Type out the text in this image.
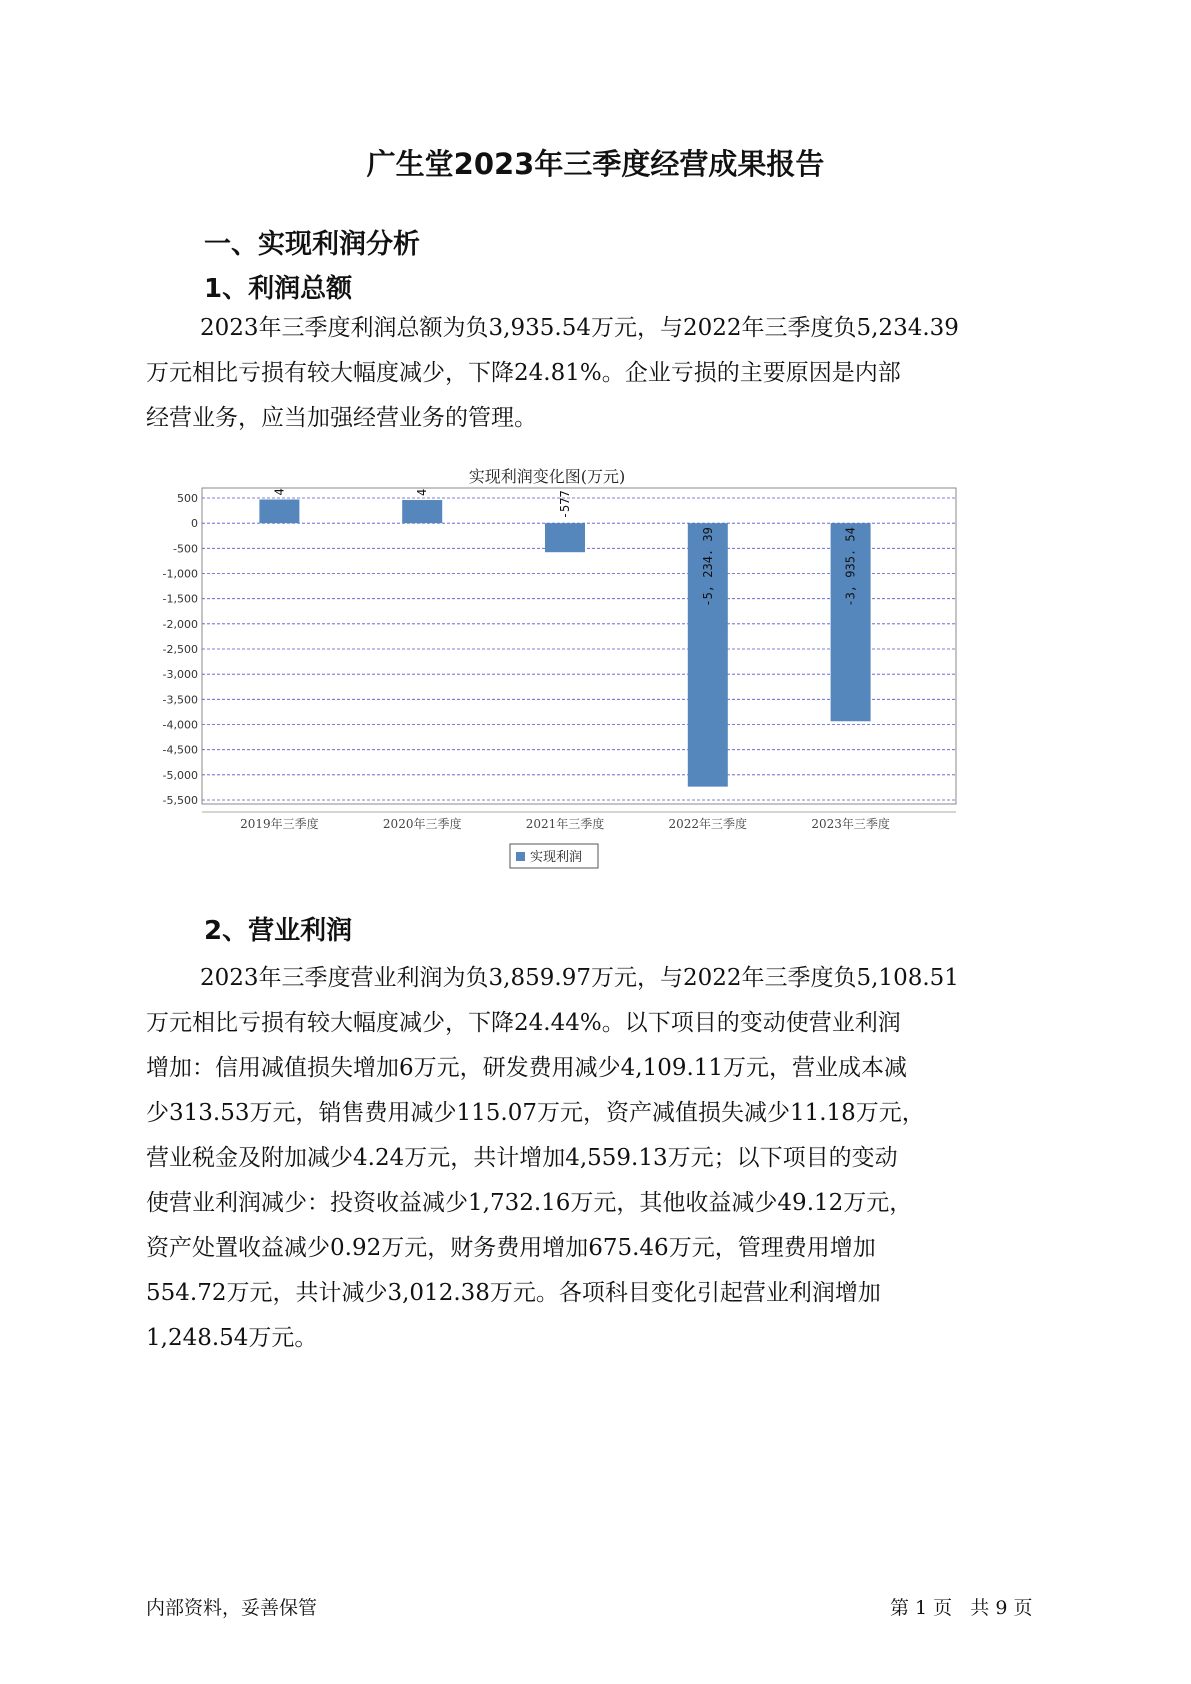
广生堂2023年三季度经营成果报告
一、实现利润分析
1、利润总额
2023年三季度利润总额为负3,935.54万元，与2022年三季度负5,234.39
万元相比亏损有较大幅度减少，下降24.81%。企业亏损的主要原因是内部
经营业务，应当加强经营业务的管理。
实现利润变化图(万元)
500
0
-500
-1,000
-1,500
-2,000
-2,500
-3,000
-3,500
-4,000
-4,500
-5,000
-5,500
4
2019年三季度
4
2020年三季度
-577
2021年三季度
-5, 234. 39
2022年三季度
-3, 935. 54
2023年三季度
实现利润
2、营业利润
2023年三季度营业利润为负3,859.97万元，与2022年三季度负5,108.51
万元相比亏损有较大幅度减少，下降24.44%。以下项目的变动使营业利润
增加：信用减值损失增加6万元，研发费用减少4,109.11万元，营业成本减
少313.53万元，销售费用减少115.07万元，资产减值损失减少11.18万元，
营业税金及附加减少4.24万元，共计增加4,559.13万元；以下项目的变动
使营业利润减少：投资收益减少1,732.16万元，其他收益减少49.12万元，
资产处置收益减少0.92万元，财务费用增加675.46万元，管理费用增加
554.72万元，共计减少3,012.38万元。各项科目变化引起营业利润增加
1,248.54万元。
内部资料，妥善保管	第 1 页   共 9 页
